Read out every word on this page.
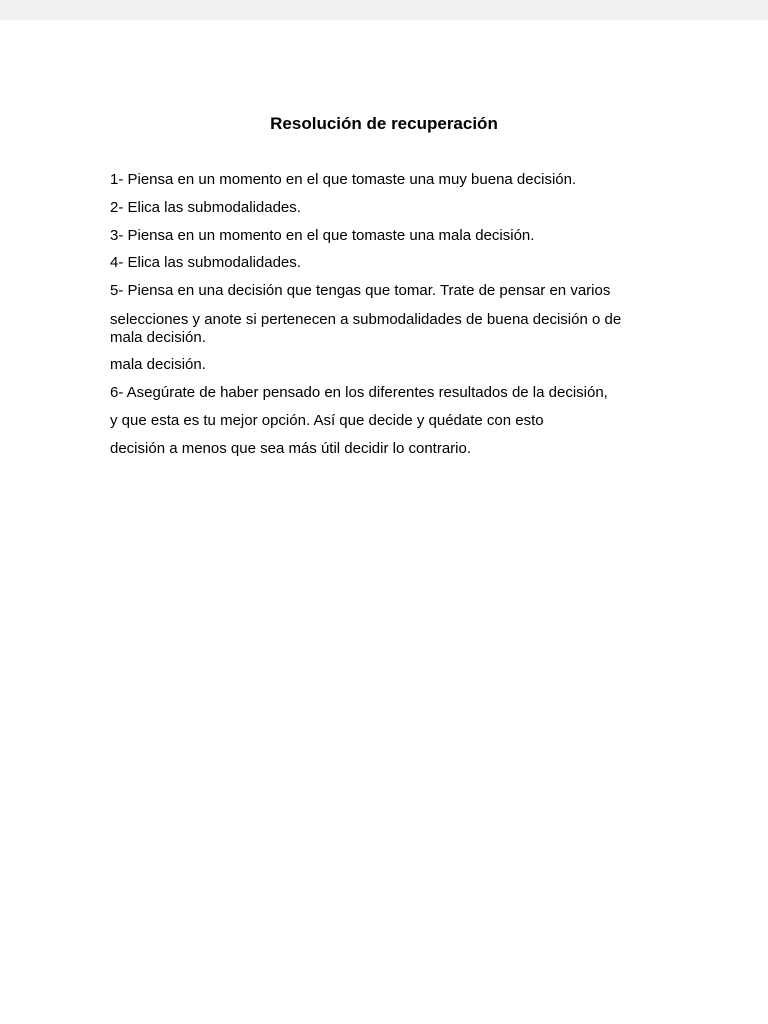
Resolución de recuperación

1- Piensa en un momento en el que tomaste una muy buena decisión.

2- Elica las submodalidades.

3- Piensa en un momento en el que tomaste una mala decisión.

4- Elica las submodalidades.

5- Piensa en una decisión que tengas que tomar. Trate de pensar en varios

selecciones y anote si pertenecen a submodalidades de buena decisión o de mala decisión.

mala decisión.

6- Asegúrate de haber pensado en los diferentes resultados de la decisión,

y que esta es tu mejor opción. Así que decide y quédate con esto

decisión a menos que sea más útil decidir lo contrario.
